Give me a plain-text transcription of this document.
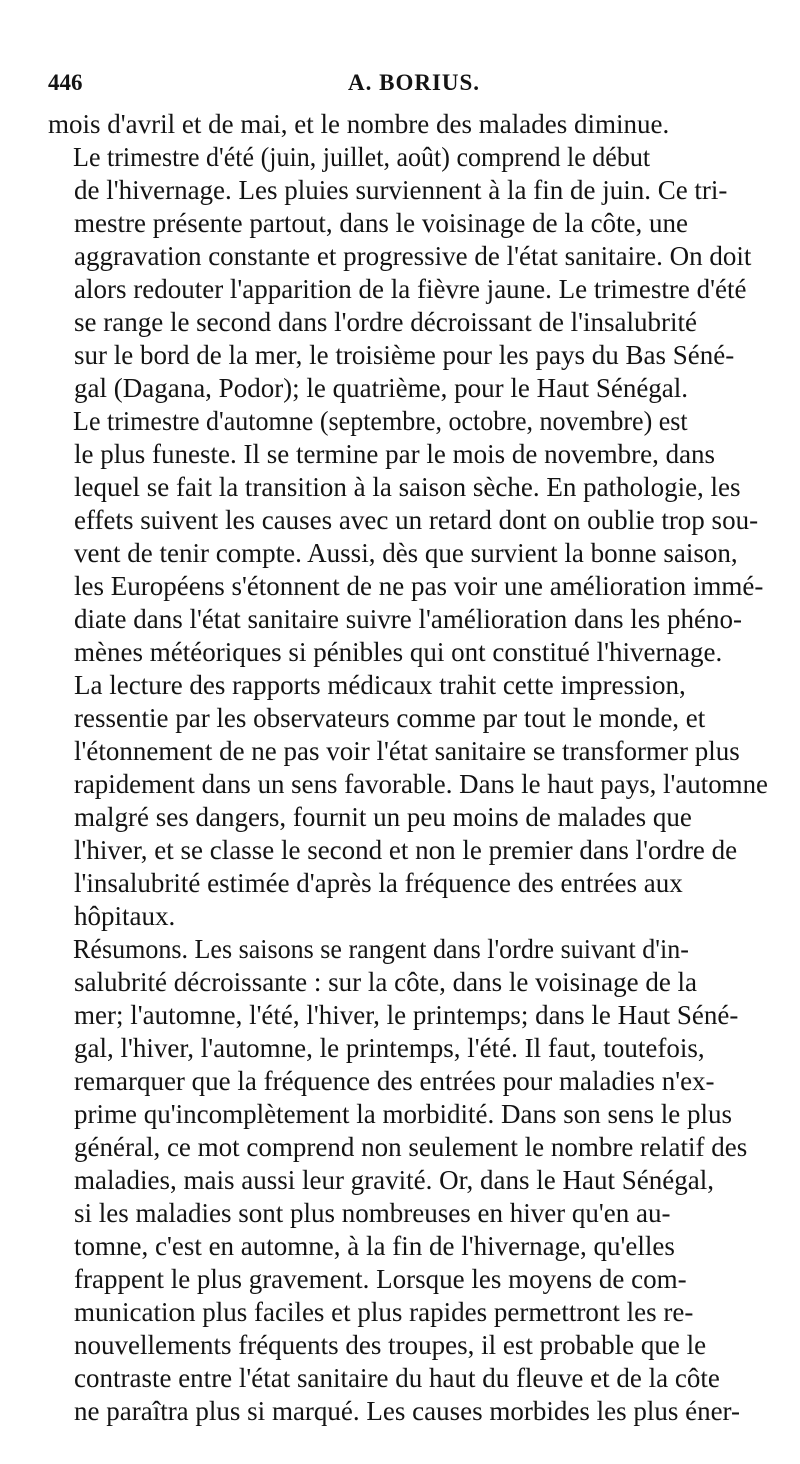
446	A. BORIUS.

mois d'avril et de mai, et le nombre des malades diminue.

Le trimestre d'été (juin, juillet, août) comprend le début
de l'hivernage. Les pluies surviennent à la fin de juin. Ce tri-
mestre présente partout, dans le voisinage de la côte, une
aggravation constante et progressive de l'état sanitaire. On doit
alors redouter l'apparition de la fièvre jaune. Le trimestre d'été
se range le second dans l'ordre décroissant de l'insalubrité
sur le bord de la mer, le troisième pour les pays du Bas Séné-
gal (Dagana, Podor); le quatrième, pour le Haut Sénégal.

Le trimestre d'automne (septembre, octobre, novembre) est
le plus funeste. Il se termine par le mois de novembre, dans
lequel se fait la transition à la saison sèche. En pathologie, les
effets suivent les causes avec un retard dont on oublie trop sou-
vent de tenir compte. Aussi, dès que survient la bonne saison,
les Européens s'étonnent de ne pas voir une amélioration immé-
diate dans l'état sanitaire suivre l'amélioration dans les phéno-
mènes météoriques si pénibles qui ont constitué l'hivernage.
La lecture des rapports médicaux trahit cette impression,
ressentie par les observateurs comme par tout le monde, et
l'étonnement de ne pas voir l'état sanitaire se transformer plus
rapidement dans un sens favorable. Dans le haut pays, l'automne
malgré ses dangers, fournit un peu moins de malades que
l'hiver, et se classe le second et non le premier dans l'ordre de
l'insalubrité estimée d'après la fréquence des entrées aux
hôpitaux.

Résumons. Les saisons se rangent dans l'ordre suivant d'in-
salubrité décroissante : sur la côte, dans le voisinage de la
mer; l'automne, l'été, l'hiver, le printemps; dans le Haut Séné-
gal, l'hiver, l'automne, le printemps, l'été. Il faut, toutefois,
remarquer que la fréquence des entrées pour maladies n'ex-
prime qu'incomplètement la morbidité. Dans son sens le plus
général, ce mot comprend non seulement le nombre relatif des
maladies, mais aussi leur gravité. Or, dans le Haut Sénégal,
si les maladies sont plus nombreuses en hiver qu'en au-
tomne, c'est en automne, à la fin de l'hivernage, qu'elles
frappent le plus gravement. Lorsque les moyens de com-
munication plus faciles et plus rapides permettront les re-
nouvellements fréquents des troupes, il est probable que le
contraste entre l'état sanitaire du haut du fleuve et de la côte
ne paraîtra plus si marqué. Les causes morbides les plus éner-
